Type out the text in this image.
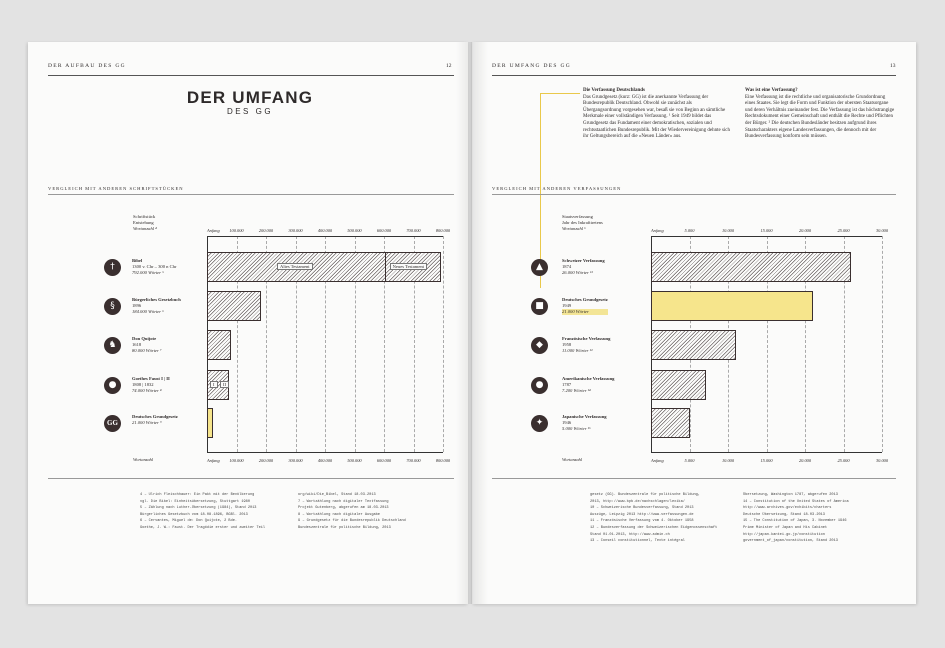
DER AUFBAU DES GG	12
DER UMFANG
DES GG
VERGLEICH MIT ANDEREN SCHRIFTSTÜCKEN
Schriftstück
Entstehung
Wortanzahl ⁴	Anfang
Anfang
100.000
100.000
200.000
200.000
300.000
300.000
400.000
400.000
500.000
500.000
600.000
600.000
700.000
700.000
800.000
800.000
†
Bibel
1300 v. Chr – 300 n Chr
792.000 Wörter ⁵
§
Bürgerliches Gesetzbuch
1896
184.000 Wörter ⁶
♞
Don Quijote
1618
80.000 Wörter ⁷
●
Goethes Faust I | II
1808 | 1832
74.000 Wörter ⁸
GG
Deutsches Grundgesetz
21.000 Wörter ⁹
Altes Testament	Neues Testament
I	II
Wortanzahl
4 – Ulrich Fleischhauer: Ein Pakt mit der Bevölkerung
vgl. Die Bibel: Einheitsübersetzung, Stuttgart 1980
5 – Zählung nach Luther-Übersetzung (1984), Stand 2013
Bürgerliches Gesetzbuch vom 18.08.1896, BGBl. 2013
6 – Cervantes, Miguel de: Don Quijote, 2 Bde.
Goethe, J. W.: Faust. Der Tragödie erster und zweiter Teil
org/wiki/Die_Bibel, Stand 18.03.2013
7 – Wortzählung nach digitaler Textfassung
Projekt Gutenberg, abgerufen am 18.03.2013
8 – Wortzählung nach digitaler Ausgabe
9 – Grundgesetz für die Bundesrepublik Deutschland
Bundeszentrale für politische Bildung, 2013
DER UMFANG DES GG	13
Die Verfassung Deutschlands
Das Grundgesetz (kurz: GG) ist die anerkannte Verfassung der Bundesrepublik Deutschland. Obwohl sie zunächst als Übergangsordnung vorgesehen war, besaß sie von Beginn an sämtliche Merkmale einer vollständigen Verfassung. ¹ Seit 1949 bildet das Grundgesetz das Fundament einer demokratischen, sozialen und rechtsstaatlichen Bundesrepublik. Mit der Wiedervereinigung dehnte sich ihr Geltungsbereich auf die »Neuen Länder« aus.
Was ist eine Verfassung?
Eine Verfassung ist die rechtliche und organisatorische Grundordnung eines Staates. Sie legt die Form und Funktion der obersten Staatsorgane und deren Verhältnis zueinander fest. Die Verfassung ist das höchstrangige Rechtsdokument einer Gemeinschaft und enthält die Rechte und Pflichten der Bürger. ² Die deutschen Bundesländer besitzen aufgrund ihres Staatscharakters eigene Landesverfassungen, die dennoch mit der Bundesverfassung konform sein müssen.
VERGLEICH MIT ANDEREN VERFASSUNGEN
Staatsverfassung
Jahr des Inkrafttretens
Wortanzahl ⁶	Anfang
Anfang
5.000
5.000
10.000
10.000
15.000
15.000
20.000
20.000
25.000
25.000
30.000
30.000
▲
Schweizer Verfassung
1874
26.000 Wörter ¹²
■
Deutsches Grundgesetz
1949
21.000 Wörter
◆
Französische Verfassung
1958
11.000 Wörter ¹³
●
Amerikanische Verfassung
1787
7.200 Wörter ¹⁴
✦
Japanische Verfassung
1946
5.000 Wörter ¹⁵
Wortanzahl
gesetz (GG). Bundeszentrale für politische Bildung,
2013, http://www.bpb.de/nachschlagen/lexika/
10 – Schweizerische Bundesverfassung, Stand 2013
Auszüge, Leipzig 2013 http://www.verfassungen.de
11 – Französische Verfassung vom 4. Oktober 1958
12 – Bundesverfassung der Schweizerischen Eidgenossenschaft
Stand 01.01.2013, http://www.admin.ch
13 – Conseil constitutionnel, Texte intégral
Übersetzung, Washington 1787, abgerufen 2013
14 – Constitution of the United States of America
http://www.archives.gov/exhibits/charters
Deutsche Übersetzung, Stand 18.03.2013
15 – The Constitution of Japan, 3. November 1946
Prime Minister of Japan and His Cabinet
http://japan.kantei.go.jp/constitution
government_of_japan/constitution, Stand 2013
